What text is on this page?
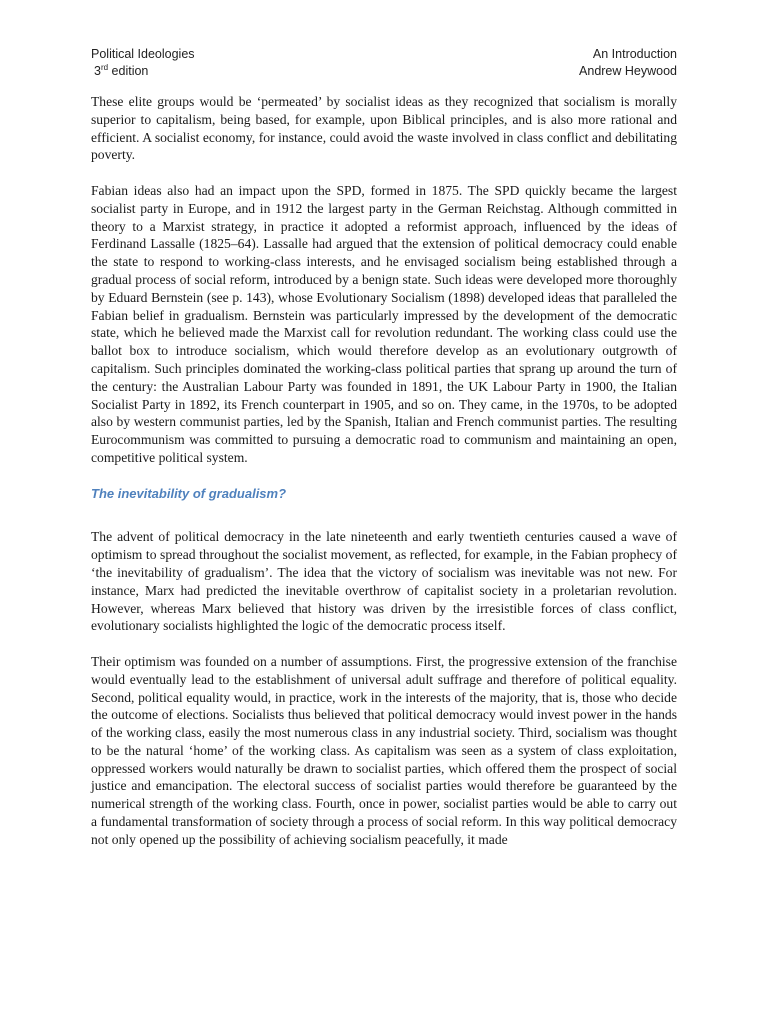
Political Ideologies
3rd edition
An Introduction
Andrew Heywood

These elite groups would be ‘permeated’ by socialist ideas as they recognized that socialism is morally superior to capitalism, being based, for example, upon Biblical principles, and is also more rational and efficient. A socialist economy, for instance, could avoid the waste involved in class conflict and debilitating poverty.

Fabian ideas also had an impact upon the SPD, formed in 1875. The SPD quickly became the largest socialist party in Europe, and in 1912 the largest party in the German Reichstag. Although committed in theory to a Marxist strategy, in practice it adopted a reformist approach, influenced by the ideas of Ferdinand Lassalle (1825–64). Lassalle had argued that the extension of political democracy could enable the state to respond to working-class interests, and he envisaged socialism being established through a gradual process of social reform, introduced by a benign state. Such ideas were developed more thoroughly by Eduard Bernstein (see p. 143), whose Evolutionary Socialism (1898) developed ideas that paralleled the Fabian belief in gradualism. Bernstein was particularly impressed by the development of the democratic state, which he believed made the Marxist call for revolution redundant. The working class could use the ballot box to introduce socialism, which would therefore develop as an evolutionary outgrowth of capitalism. Such principles dominated the working-class political parties that sprang up around the turn of the century: the Australian Labour Party was founded in 1891, the UK Labour Party in 1900, the Italian Socialist Party in 1892, its French counterpart in 1905, and so on. They came, in the 1970s, to be adopted also by western communist parties, led by the Spanish, Italian and French communist parties. The resulting Eurocommunism was committed to pursuing a democratic road to communism and maintaining an open, competitive political system.

The inevitability of gradualism?

The advent of political democracy in the late nineteenth and early twentieth centuries caused a wave of optimism to spread throughout the socialist movement, as reflected, for example, in the Fabian prophecy of ‘the inevitability of gradualism’. The idea that the victory of socialism was inevitable was not new. For instance, Marx had predicted the inevitable overthrow of capitalist society in a proletarian revolution. However, whereas Marx believed that history was driven by the irresistible forces of class conflict, evolutionary socialists highlighted the logic of the democratic process itself.

Their optimism was founded on a number of assumptions. First, the progressive extension of the franchise would eventually lead to the establishment of universal adult suffrage and therefore of political equality. Second, political equality would, in practice, work in the interests of the majority, that is, those who decide the outcome of elections. Socialists thus believed that political democracy would invest power in the hands of the working class, easily the most numerous class in any industrial society. Third, socialism was thought to be the natural ‘home’ of the working class. As capitalism was seen as a system of class exploitation, oppressed workers would naturally be drawn to socialist parties, which offered them the prospect of social justice and emancipation. The electoral success of socialist parties would therefore be guaranteed by the numerical strength of the working class. Fourth, once in power, socialist parties would be able to carry out a fundamental transformation of society through a process of social reform. In this way political democracy not only opened up the possibility of achieving socialism peacefully, it made
